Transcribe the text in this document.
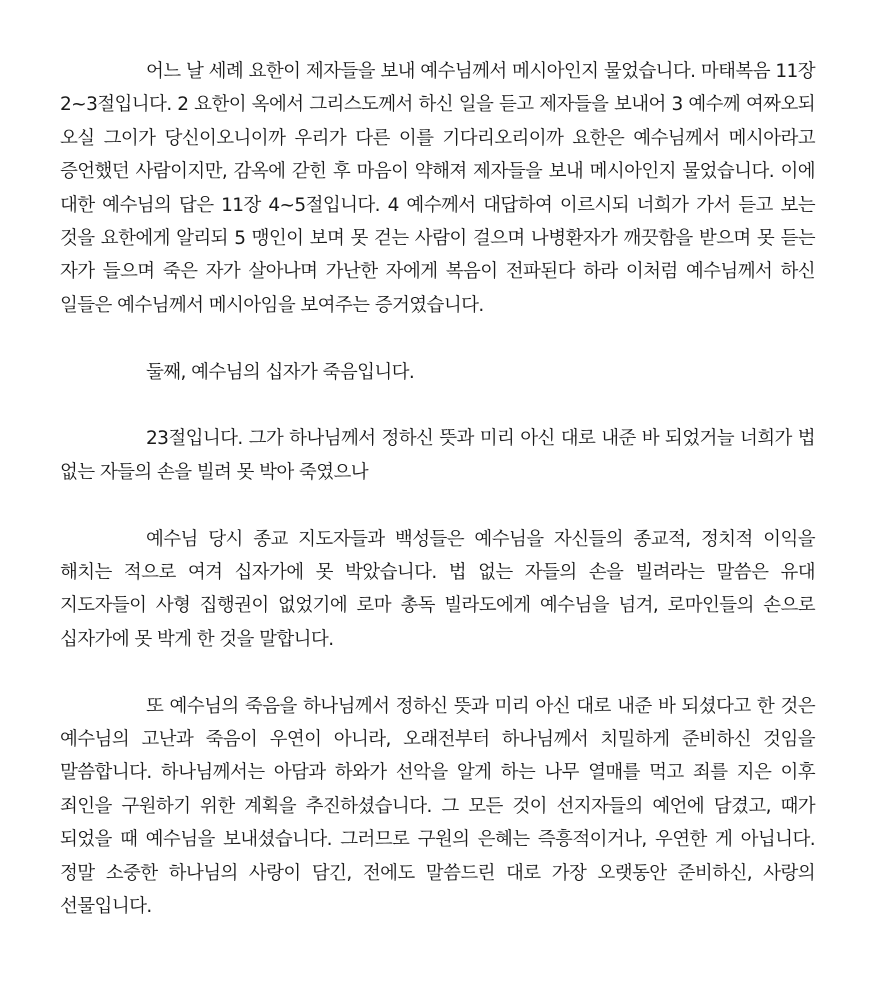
어느 날 세례 요한이 제자들을 보내 예수님께서 메시아인지 물었습니다. 마태복음 11장 2~3절입니다. 2 요한이 옥에서 그리스도께서 하신 일을 듣고 제자들을 보내어 3 예수께 여짜오되 오실 그이가 당신이오니이까 우리가 다른 이를 기다리오리이까 요한은 예수님께서 메시아라고 증언했던 사람이지만, 감옥에 갇힌 후 마음이 약해져 제자들을 보내 메시아인지 물었습니다. 이에 대한 예수님의 답은 11장 4~5절입니다. 4 예수께서 대답하여 이르시되 너희가 가서 듣고 보는 것을 요한에게 알리되 5 맹인이 보며 못 걷는 사람이 걸으며 나병환자가 깨끗함을 받으며 못 듣는 자가 들으며 죽은 자가 살아나며 가난한 자에게 복음이 전파된다 하라 이처럼 예수님께서 하신 일들은 예수님께서 메시아임을 보여주는 증거였습니다.

둘째, 예수님의 십자가 죽음입니다.

23절입니다. 그가 하나님께서 정하신 뜻과 미리 아신 대로 내준 바 되었거늘 너희가 법 없는 자들의 손을 빌려 못 박아 죽였으나

예수님 당시 종교 지도자들과 백성들은 예수님을 자신들의 종교적, 정치적 이익을 해치는 적으로 여겨 십자가에 못 박았습니다. 법 없는 자들의 손을 빌려라는 말씀은 유대 지도자들이 사형 집행권이 없었기에 로마 총독 빌라도에게 예수님을 넘겨, 로마인들의 손으로 십자가에 못 박게 한 것을 말합니다.

또 예수님의 죽음을 하나님께서 정하신 뜻과 미리 아신 대로 내준 바 되셨다고 한 것은 예수님의 고난과 죽음이 우연이 아니라, 오래전부터 하나님께서 치밀하게 준비하신 것임을 말씀합니다. 하나님께서는 아담과 하와가 선악을 알게 하는 나무 열매를 먹고 죄를 지은 이후 죄인을 구원하기 위한 계획을 추진하셨습니다. 그 모든 것이 선지자들의 예언에 담겼고, 때가 되었을 때 예수님을 보내셨습니다. 그러므로 구원의 은혜는 즉흥적이거나, 우연한 게 아닙니다. 정말 소중한 하나님의 사랑이 담긴, 전에도 말씀드린 대로 가장 오랫동안 준비하신, 사랑의 선물입니다.
